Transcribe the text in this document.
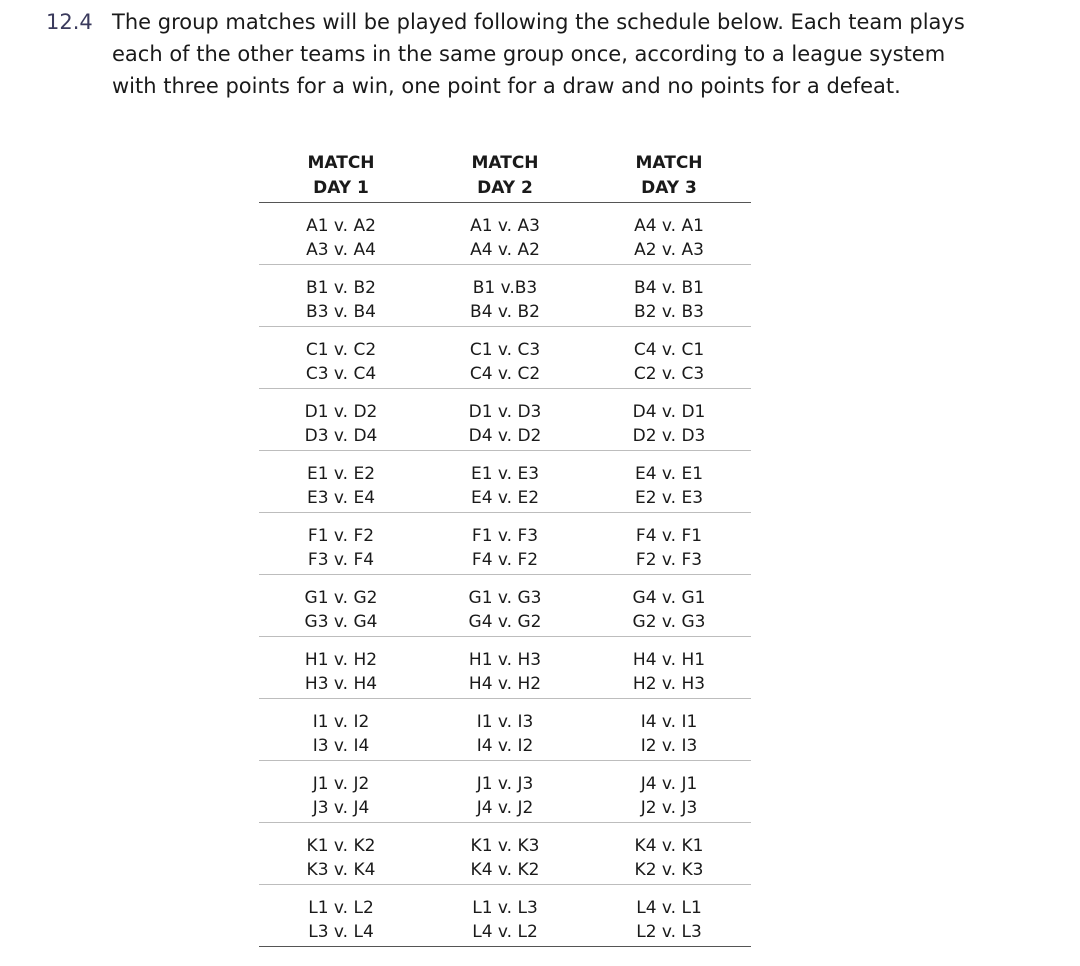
12.4 The group matches will be played following the schedule below. Each team plays
each of the other teams in the same group once, according to a league system
with three points for a win, one point for a draw and no points for a defeat.
MATCH
DAY 1
MATCH
DAY 2
MATCH
DAY 3
A1 v. A2
A3 v. A4
A1 v. A3
A4 v. A2
A4 v. A1
A2 v. A3
B1 v. B2
B3 v. B4
B1 v.B3
B4 v. B2
B4 v. B1
B2 v. B3
C1 v. C2
C3 v. C4
C1 v. C3
C4 v. C2
C4 v. C1
C2 v. C3
D1 v. D2
D3 v. D4
D1 v. D3
D4 v. D2
D4 v. D1
D2 v. D3
E1 v. E2
E3 v. E4
E1 v. E3
E4 v. E2
E4 v. E1
E2 v. E3
F1 v. F2
F3 v. F4
F1 v. F3
F4 v. F2
F4 v. F1
F2 v. F3
G1 v. G2
G3 v. G4
G1 v. G3
G4 v. G2
G4 v. G1
G2 v. G3
H1 v. H2
H3 v. H4
H1 v. H3
H4 v. H2
H4 v. H1
H2 v. H3
I1 v. I2
I3 v. I4
I1 v. I3
I4 v. I2
I4 v. I1
I2 v. I3
J1 v. J2
J3 v. J4
J1 v. J3
J4 v. J2
J4 v. J1
J2 v. J3
K1 v. K2
K3 v. K4
K1 v. K3
K4 v. K2
K4 v. K1
K2 v. K3
L1 v. L2
L3 v. L4
L1 v. L3
L4 v. L2
L4 v. L1
L2 v. L3
